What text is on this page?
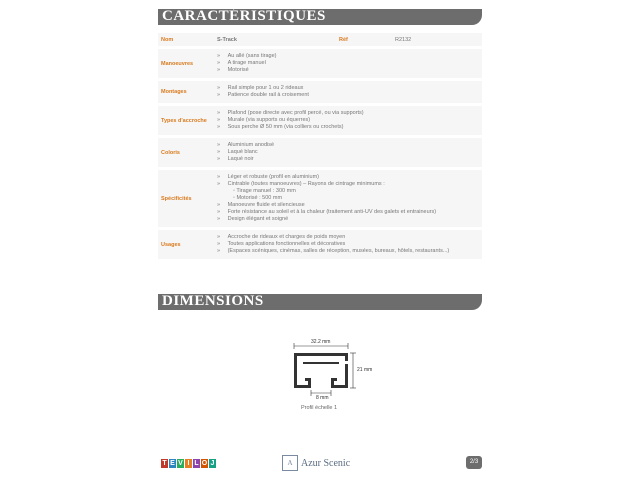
CARACTÉRISTIQUES
Nom	S-Track	Réf	R2132
Manoeuvres
» Au allé (sans tirage)
» A tirage manuel
» Motorisé
Montages
» Rail simple pour 1 ou 2 rideaux
» Patience double rail à croisement
Types d'accroche
» Plafond (pose directe avec profil percé, ou via supports)
» Murale (via supports ou équerres)
» Sous perche Ø 50 mm (via colliers ou crochets)
Coloris
» Aluminium anodisé
» Laqué blanc
» Laqué noir
Spécificités
» Léger et robuste (profil en aluminium)
» Cintrable (toutes manoeuvres) – Rayons de cintrage minimums :
◦ Tirage manuel : 300 mm
◦ Motorisé : 500 mm
» Manoeuvre fluide et silencieuse
» Forte résistance au soleil et à la chaleur (traitement anti-UV des galets et entraineurs)
» Design élégant et soigné
Usages
» Accroche de rideaux et charges de poids moyen
» Toutes applications fonctionnelles et décoratives
» (Espaces scéniques, cinémas, salles de réception, musées, bureaux, hôtels, restaurants...)
DIMENSIONS
32.2 mm
21 mm
8 mm
Profil échelle 1
T E V I L O J	A Azur Scenic	2/3
